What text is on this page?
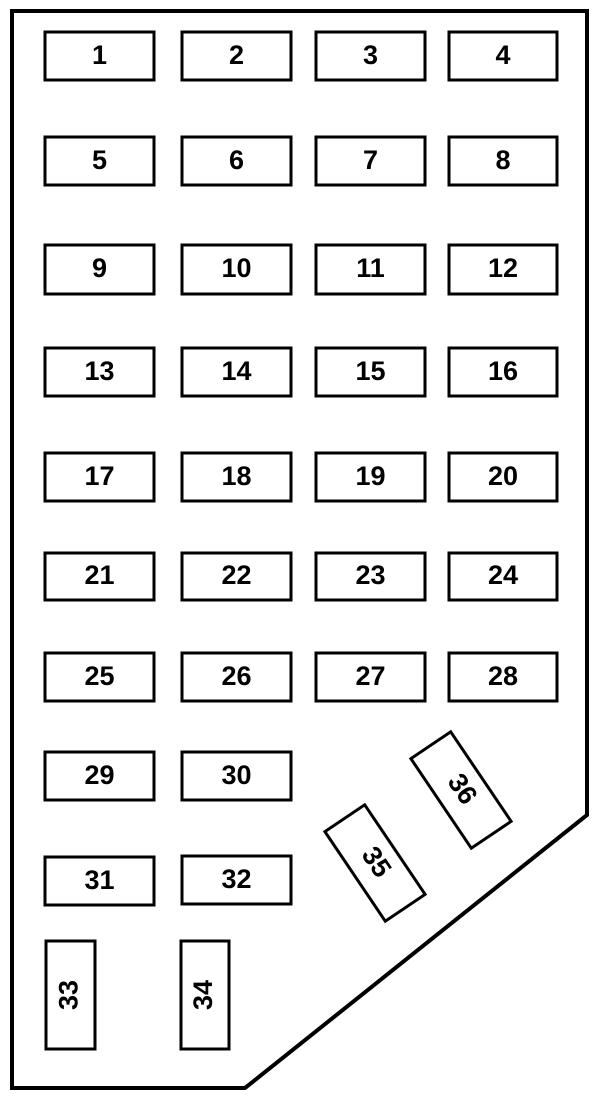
1	2	3	4
5	6	7	8
9	10	11	12
13	14	15	16
17	18	19	20
21	22	23	24
25	26	27	28
29	30
31	32
33	34
35
36
